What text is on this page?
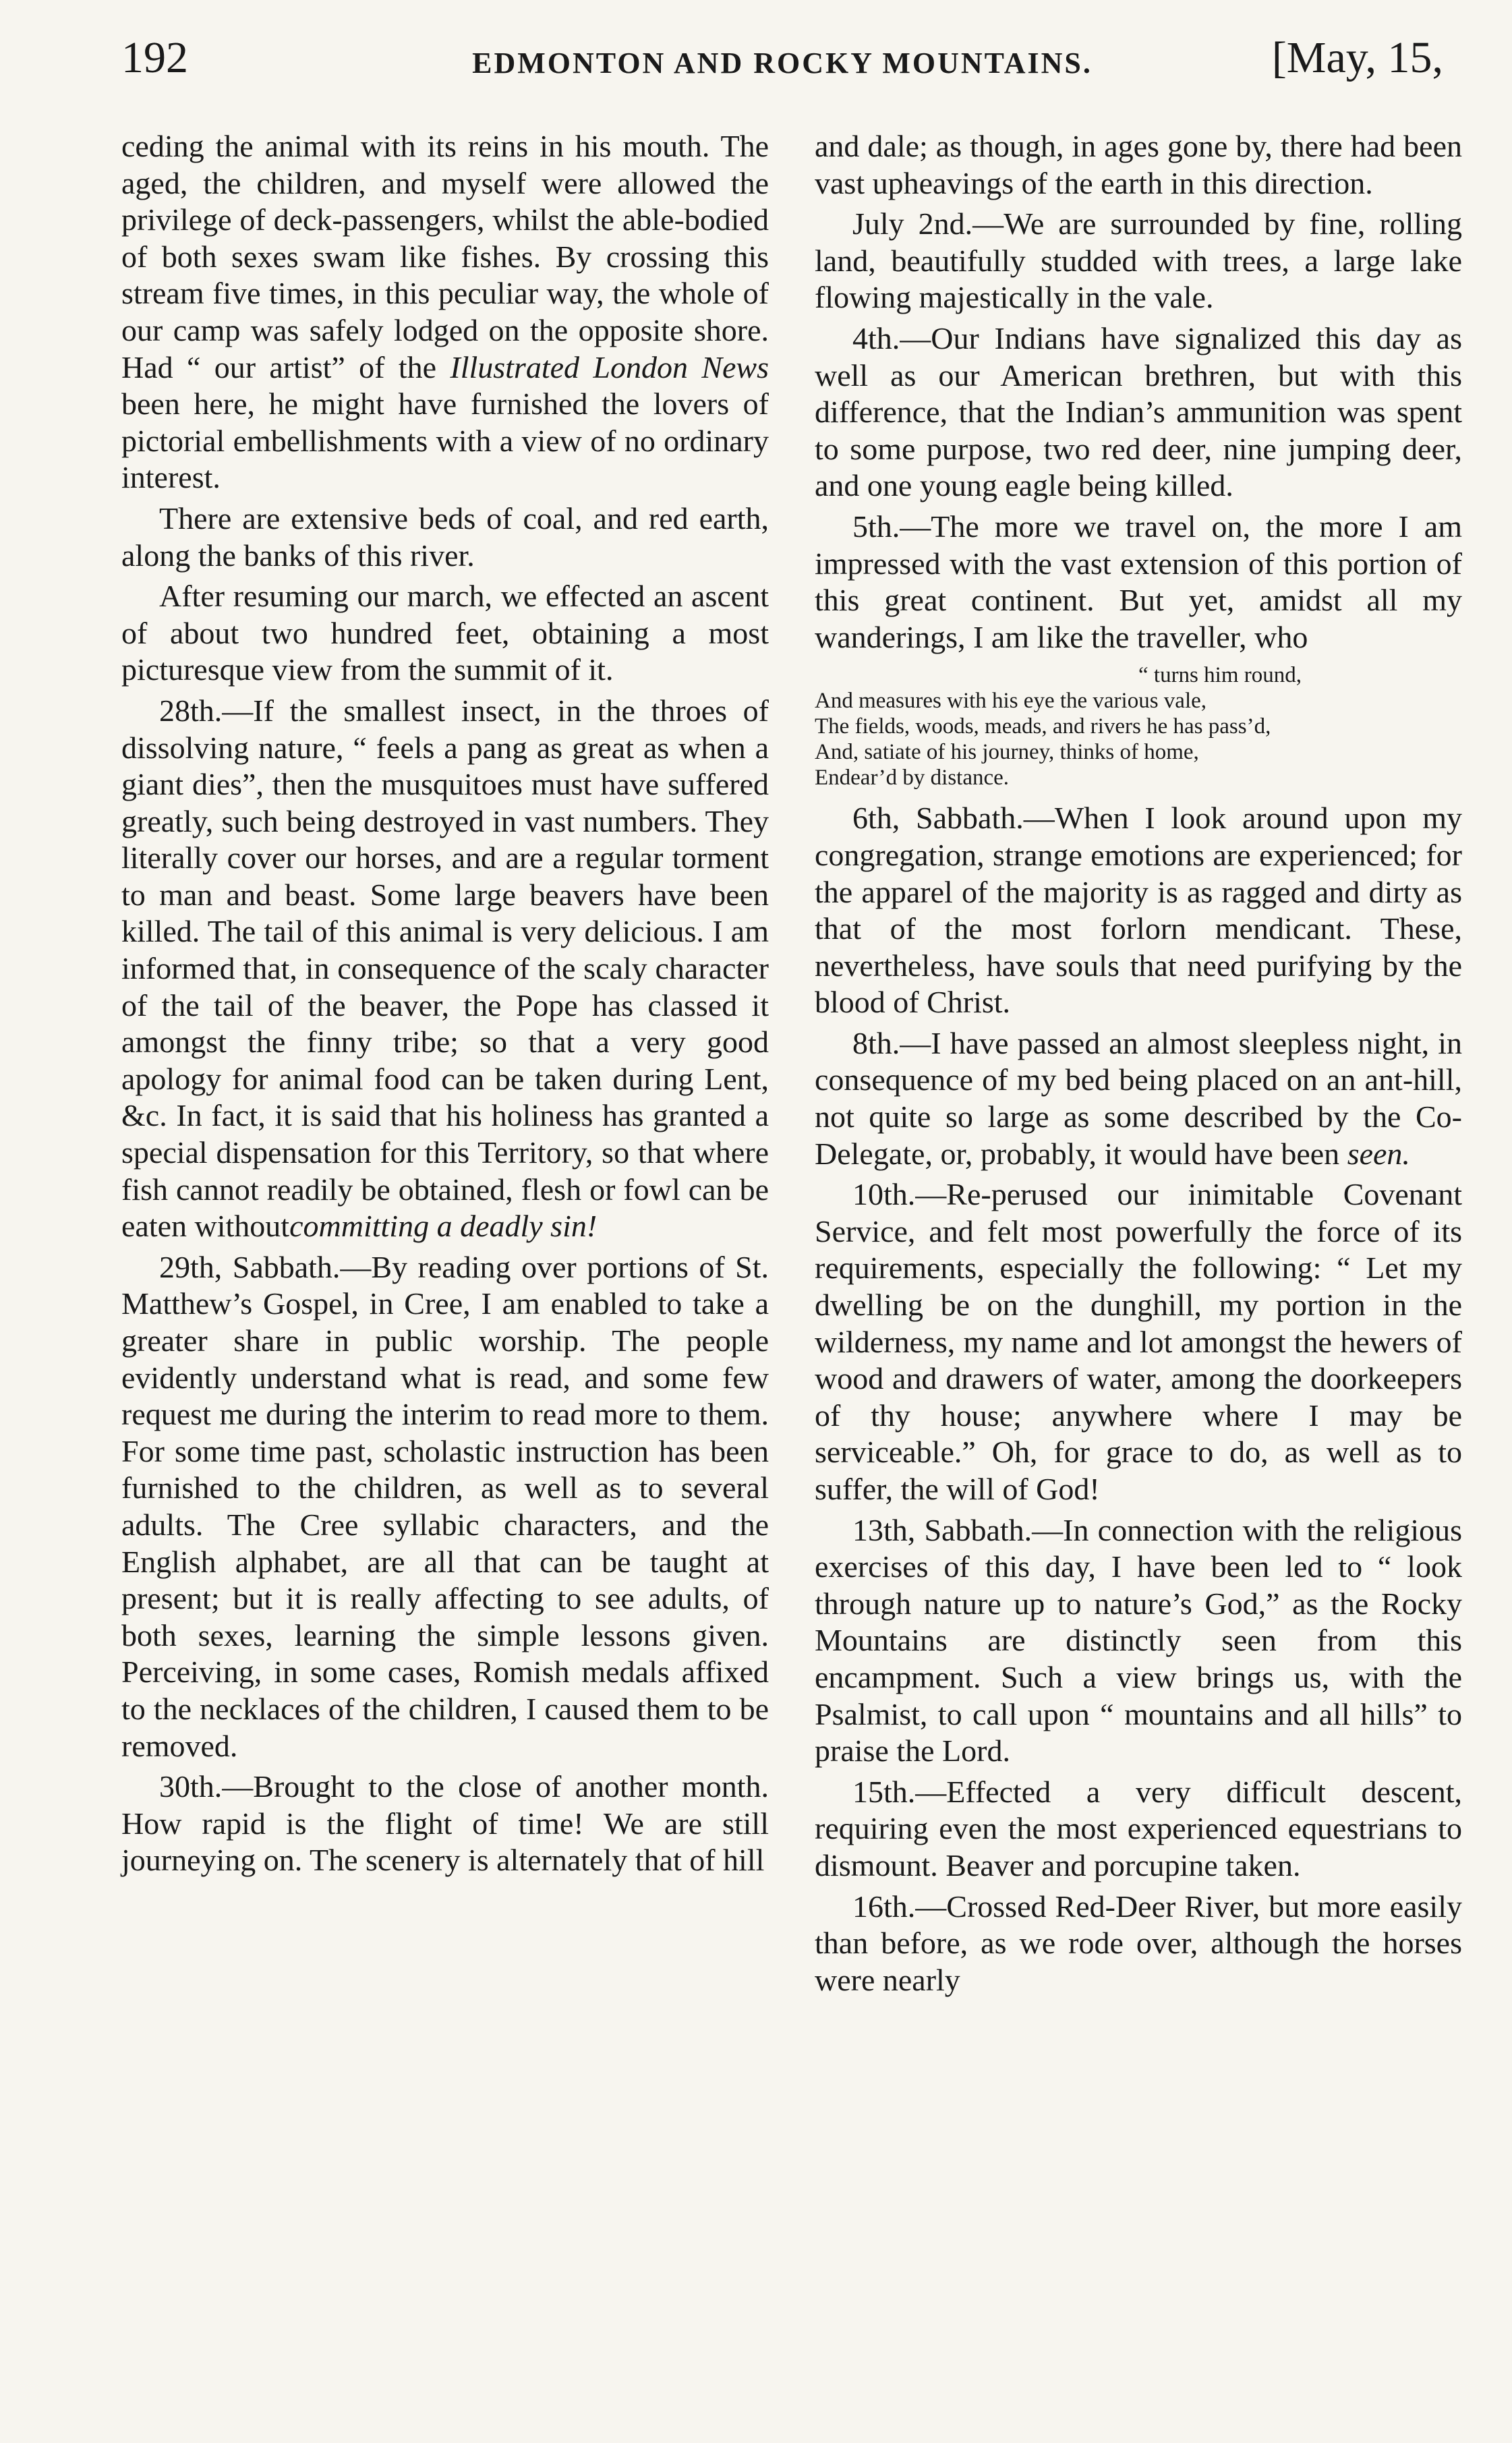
192	EDMONTON AND ROCKY MOUNTAINS.	[May, 15,

ceding the animal with its reins in his mouth. The aged, the children, and myself were allowed the privilege of deck-passengers, whilst the able-bodied of both sexes swam like fishes. By crossing this stream five times, in this peculiar way, the whole of our camp was safely lodged on the opposite shore. Had “ our artist” of the Illustrated London News been here, he might have furnished the lovers of pictorial embellishments with a view of no ordinary interest.

There are extensive beds of coal, and red earth, along the banks of this river.

After resuming our march, we effected an ascent of about two hundred feet, obtaining a most picturesque view from the summit of it.

28th.—If the smallest insect, in the throes of dissolving nature, “ feels a pang as great as when a giant dies”, then the musquitoes must have suffered greatly, such being destroyed in vast numbers. They literally cover our horses, and are a regular torment to man and beast. Some large beavers have been killed. The tail of this animal is very delicious. I am informed that, in consequence of the scaly character of the tail of the beaver, the Pope has classed it amongst the finny tribe; so that a very good apology for animal food can be taken during Lent, &c. In fact, it is said that his holiness has granted a special dispensation for this Territory, so that where fish cannot readily be obtained, flesh or fowl can be eaten withoutcommitting a deadly sin!

29th, Sabbath.—By reading over portions of St. Matthew’s Gospel, in Cree, I am enabled to take a greater share in public worship. The people evidently understand what is read, and some few request me during the interim to read more to them. For some time past, scholastic instruction has been furnished to the children, as well as to several adults. The Cree syllabic characters, and the English alphabet, are all that can be taught at present; but it is really affecting to see adults, of both sexes, learning the simple lessons given. Perceiving, in some cases, Romish medals affixed to the necklaces of the children, I caused them to be removed.

30th.—Brought to the close of another month. How rapid is the flight of time! We are still journeying on. The scenery is alternately that of hill

and dale; as though, in ages gone by, there had been vast upheavings of the earth in this direction.

July 2nd.—We are surrounded by fine, rolling land, beautifully studded with trees, a large lake flowing majestically in the vale.

4th.—Our Indians have signalized this day as well as our American brethren, but with this difference, that the Indian’s ammunition was spent to some purpose, two red deer, nine jumping deer, and one young eagle being killed.

5th.—The more we travel on, the more I am impressed with the vast extension of this portion of this great continent. But yet, amidst all my wanderings, I am like the traveller, who

“ turns him round,
And measures with his eye the various vale,
The fields, woods, meads, and rivers he has pass’d,
And, satiate of his journey, thinks of home,
Endear’d by distance.

6th, Sabbath.—When I look around upon my congregation, strange emotions are experienced; for the apparel of the majority is as ragged and dirty as that of the most forlorn mendicant. These, nevertheless, have souls that need purifying by the blood of Christ.

8th.—I have passed an almost sleepless night, in consequence of my bed being placed on an ant-hill, not quite so large as some described by the Co-Delegate, or, probably, it would have been seen.

10th.—Re-perused our inimitable Covenant Service, and felt most powerfully the force of its requirements, especially the following: “ Let my dwelling be on the dunghill, my portion in the wilderness, my name and lot amongst the hewers of wood and drawers of water, among the doorkeepers of thy house; anywhere where I may be serviceable.” Oh, for grace to do, as well as to suffer, the will of God!

13th, Sabbath.—In connection with the religious exercises of this day, I have been led to “ look through nature up to nature’s God,” as the Rocky Mountains are distinctly seen from this encampment. Such a view brings us, with the Psalmist, to call upon “ mountains and all hills” to praise the Lord.

15th.—Effected a very difficult descent, requiring even the most experienced equestrians to dismount. Beaver and porcupine taken.

16th.—Crossed Red-Deer River, but more easily than before, as we rode over, although the horses were nearly
